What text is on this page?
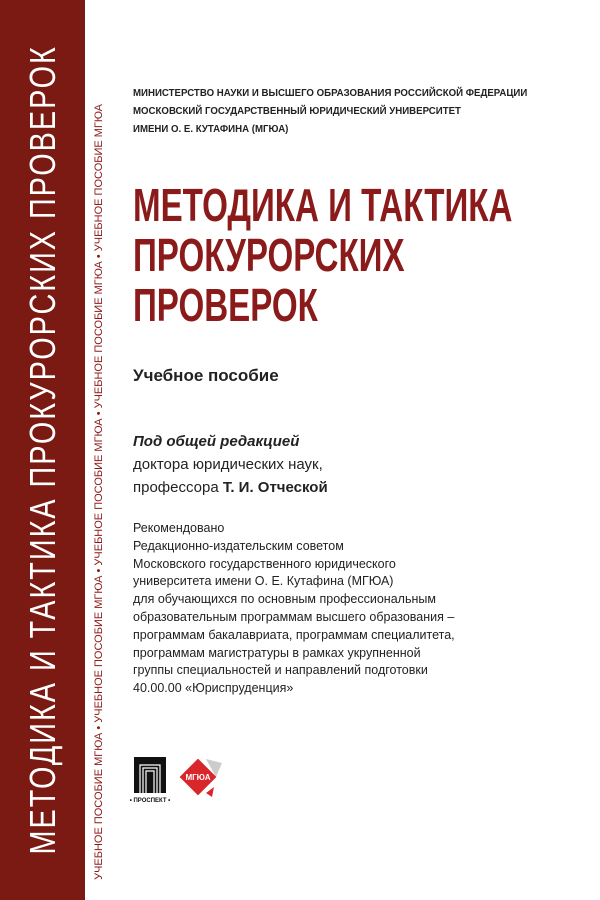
МЕТОДИКА И ТАКТИКА ПРОКУРОРСКИХ ПРОВЕРОК	УЧЕБНОЕ ПОСОБИЕ МГЮА • УЧЕБНОЕ ПОСОБИЕ МГЮА • УЧЕБНОЕ ПОСОБИЕ МГЮА • УЧЕБНОЕ ПОСОБИЕ МГЮА • УЧЕБНОЕ ПОСОБИЕ МГЮА
МИНИСТЕРСТВО НАУКИ И ВЫСШЕГО ОБРАЗОВАНИЯ РОССИЙСКОЙ ФЕДЕРАЦИИ
МОСКОВСКИЙ ГОСУДАРСТВЕННЫЙ ЮРИДИЧЕСКИЙ УНИВЕРСИТЕТ
ИМЕНИ О. Е. КУТАФИНА (МГЮА)
МЕТОДИКА И ТАКТИКА
ПРОКУРОРСКИХ
ПРОВЕРОК
Учебное пособие
Под общей редакцией
доктора юридических наук,
профессора Т. И. Отческой
Рекомендовано
Редакционно-издательским советом
Московского государственного юридического
университета имени О. Е. Кутафина (МГЮА)
для обучающихся по основным профессиональным
образовательным программам высшего образования –
программам бакалавриата, программам специалитета,
программам магистратуры в рамках укрупненной
группы специальностей и направлений подготовки
40.00.00 «Юриспруденция»
• ПРОСПЕКТ •
МГЮА
